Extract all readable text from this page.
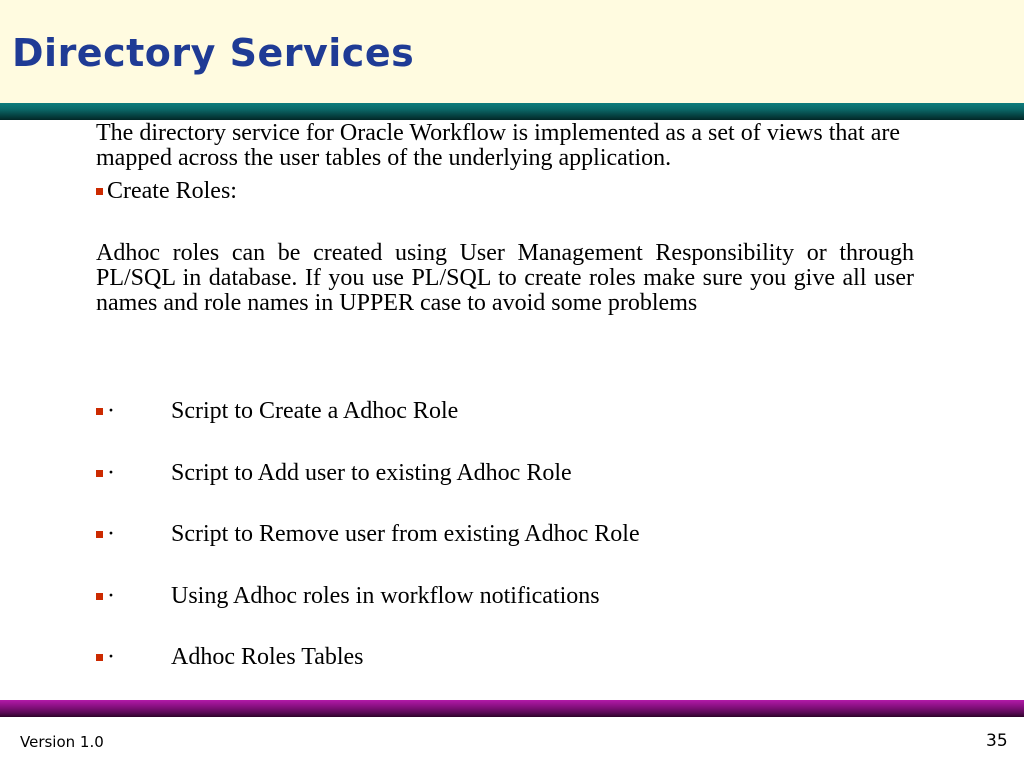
Directory Services

The directory service for Oracle Workflow is implemented as a set of views that are mapped across the user tables of the underlying application.

Create Roles:

Adhoc roles can be created using User Management Responsibility or through PL/SQL in database. If you use PL/SQL to create roles make sure you give all user names and role names in UPPER case to avoid some problems

· Script to Create a Adhoc Role
· Script to Add user to existing Adhoc Role
· Script to Remove user from existing Adhoc Role
· Using Adhoc roles in workflow notifications
· Adhoc Roles Tables
Version 1.0	35
